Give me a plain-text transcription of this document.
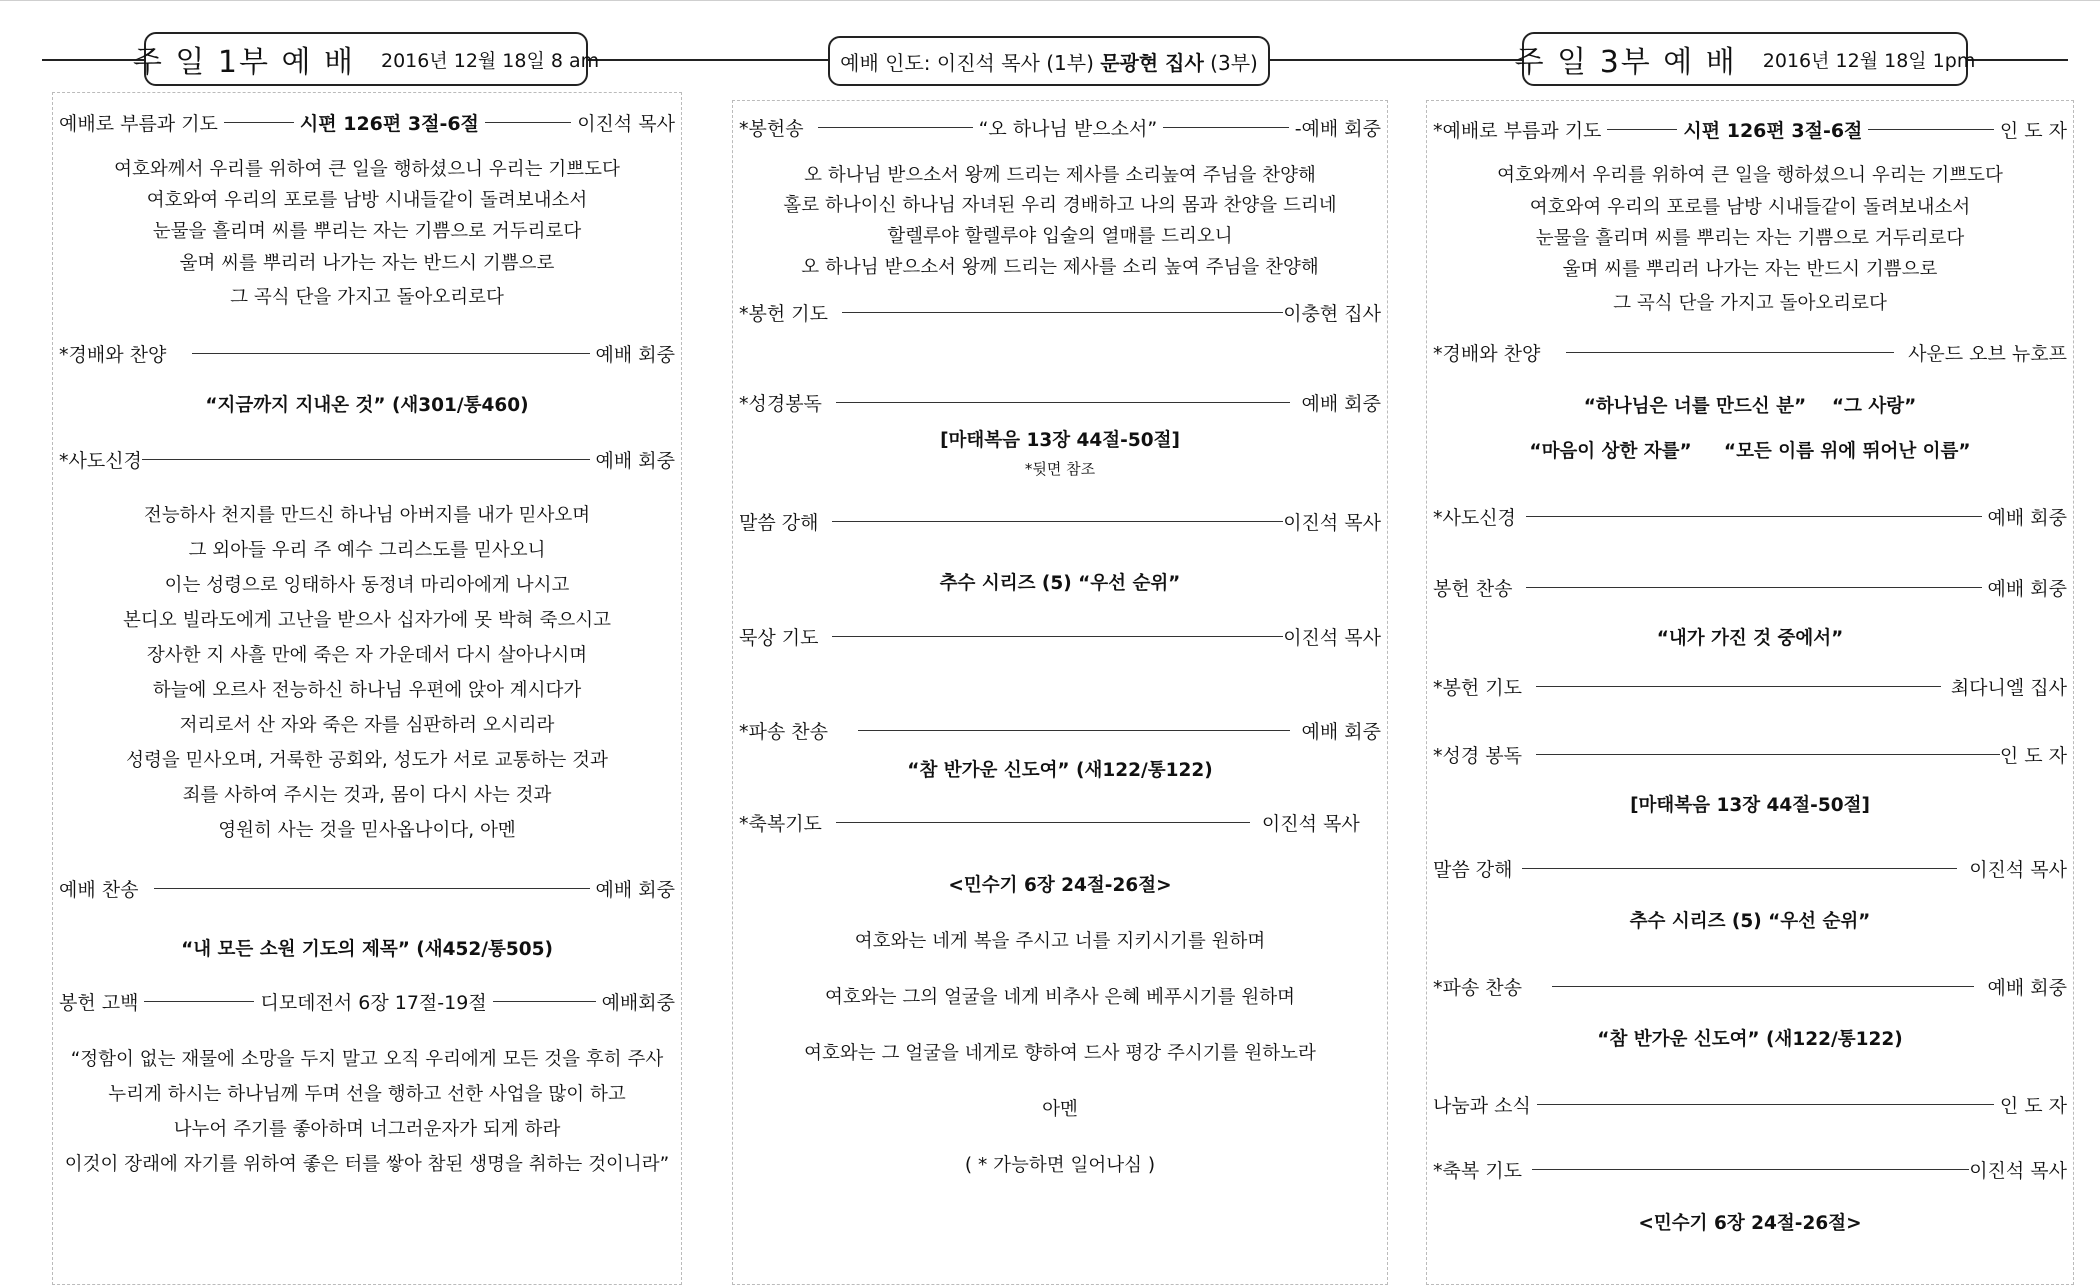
주 일 1부 예 배 2016년 12월 18일 8 am	예배 인도: 이진석 목사 (1부) 문광현 집사 (3부)	주 일 3부 예 배 2016년 12월 18일 1pm
예배로 부름과 기도	시편 126편 3절-6절	이진석 목사
여호와께서 우리를 위하여 큰 일을 행하셨으니 우리는 기쁘도다
여호와여 우리의 포로를 남방 시내들같이 돌려보내소서
눈물을 흘리며 씨를 뿌리는 자는 기쁨으로 거두리로다
울며 씨를 뿌리러 나가는 자는 반드시 기쁨으로
그 곡식 단을 가지고 돌아오리로다
*경배와 찬양	예배 회중
“지금까지 지내온 것” (새301/통460)
*사도신경	예배 회중
전능하사 천지를 만드신 하나님 아버지를 내가 믿사오며
그 외아들 우리 주 예수 그리스도를 믿사오니
이는 성령으로 잉태하사 동정녀 마리아에게 나시고
본디오 빌라도에게 고난을 받으사 십자가에 못 박혀 죽으시고
장사한 지 사흘 만에 죽은 자 가운데서 다시 살아나시며
하늘에 오르사 전능하신 하나님 우편에 앉아 계시다가
저리로서 산 자와 죽은 자를 심판하러 오시리라
성령을 믿사오며, 거룩한 공회와, 성도가 서로 교통하는 것과
죄를 사하여 주시는 것과, 몸이 다시 사는 것과
영원히 사는 것을 믿사옵나이다, 아멘
예배 찬송	예배 회중
“내 모든 소원 기도의 제목” (새452/통505)
봉헌 고백	디모데전서 6장 17절-19절	예배회중
“정함이 없는 재물에 소망을 두지 말고 오직 우리에게 모든 것을 후히 주사
누리게 하시는 하나님께 두며 선을 행하고 선한 사업을 많이 하고
나누어 주기를 좋아하며 너그러운자가 되게 하라
이것이 장래에 자기를 위하여 좋은 터를 쌓아 참된 생명을 취하는 것이니라”
*봉헌송	“오 하나님 받으소서”	-예배 회중
오 하나님 받으소서 왕께 드리는 제사를 소리높여 주님을 찬양해
홀로 하나이신 하나님 자녀된 우리 경배하고 나의 몸과 찬양을 드리네
할렐루야 할렐루야 입술의 열매를 드리오니
오 하나님 받으소서 왕께 드리는 제사를 소리 높여 주님을 찬양해
*봉헌 기도	이충현 집사
*성경봉독	예배 회중
[마태복음 13장 44절-50절]
*뒷면 참조
말씀 강해	이진석 목사
추수 시리즈 (5) “우선 순위”
묵상 기도	이진석 목사
*파송 찬송	예배 회중
“참 반가운 신도여” (새122/통122)
*축복기도	이진석 목사
<민수기 6장 24절-26절>
여호와는 네게 복을 주시고 너를 지키시기를 원하며
여호와는 그의 얼굴을 네게 비추사 은혜 베푸시기를 원하며
여호와는 그 얼굴을 네게로 향하여 드사 평강 주시기를 원하노라
아멘
( * 가능하면 일어나심 )
*예배로 부름과 기도	시편 126편 3절-6절	인 도 자
여호와께서 우리를 위하여 큰 일을 행하셨으니 우리는 기쁘도다
여호와여 우리의 포로를 남방 시내들같이 돌려보내소서
눈물을 흘리며 씨를 뿌리는 자는 기쁨으로 거두리로다
울며 씨를 뿌리러 나가는 자는 반드시 기쁨으로
그 곡식 단을 가지고 돌아오리로다
*경배와 찬양	사운드 오브 뉴호프
“하나님은 너를 만드신 분”    “그 사랑”
“마음이 상한 자를”     “모든 이름 위에 뛰어난 이름”
*사도신경	예배 회중
봉헌 찬송	예배 회중
“내가 가진 것 중에서”
*봉헌 기도	최다니엘 집사
*성경 봉독	인 도 자
[마태복음 13장 44절-50절]
말씀 강해	이진석 목사
추수 시리즈 (5) “우선 순위”
*파송 찬송	예배 회중
“참 반가운 신도여” (새122/통122)
나눔과 소식	인 도 자
*축복 기도	이진석 목사
<민수기 6장 24절-26절>
